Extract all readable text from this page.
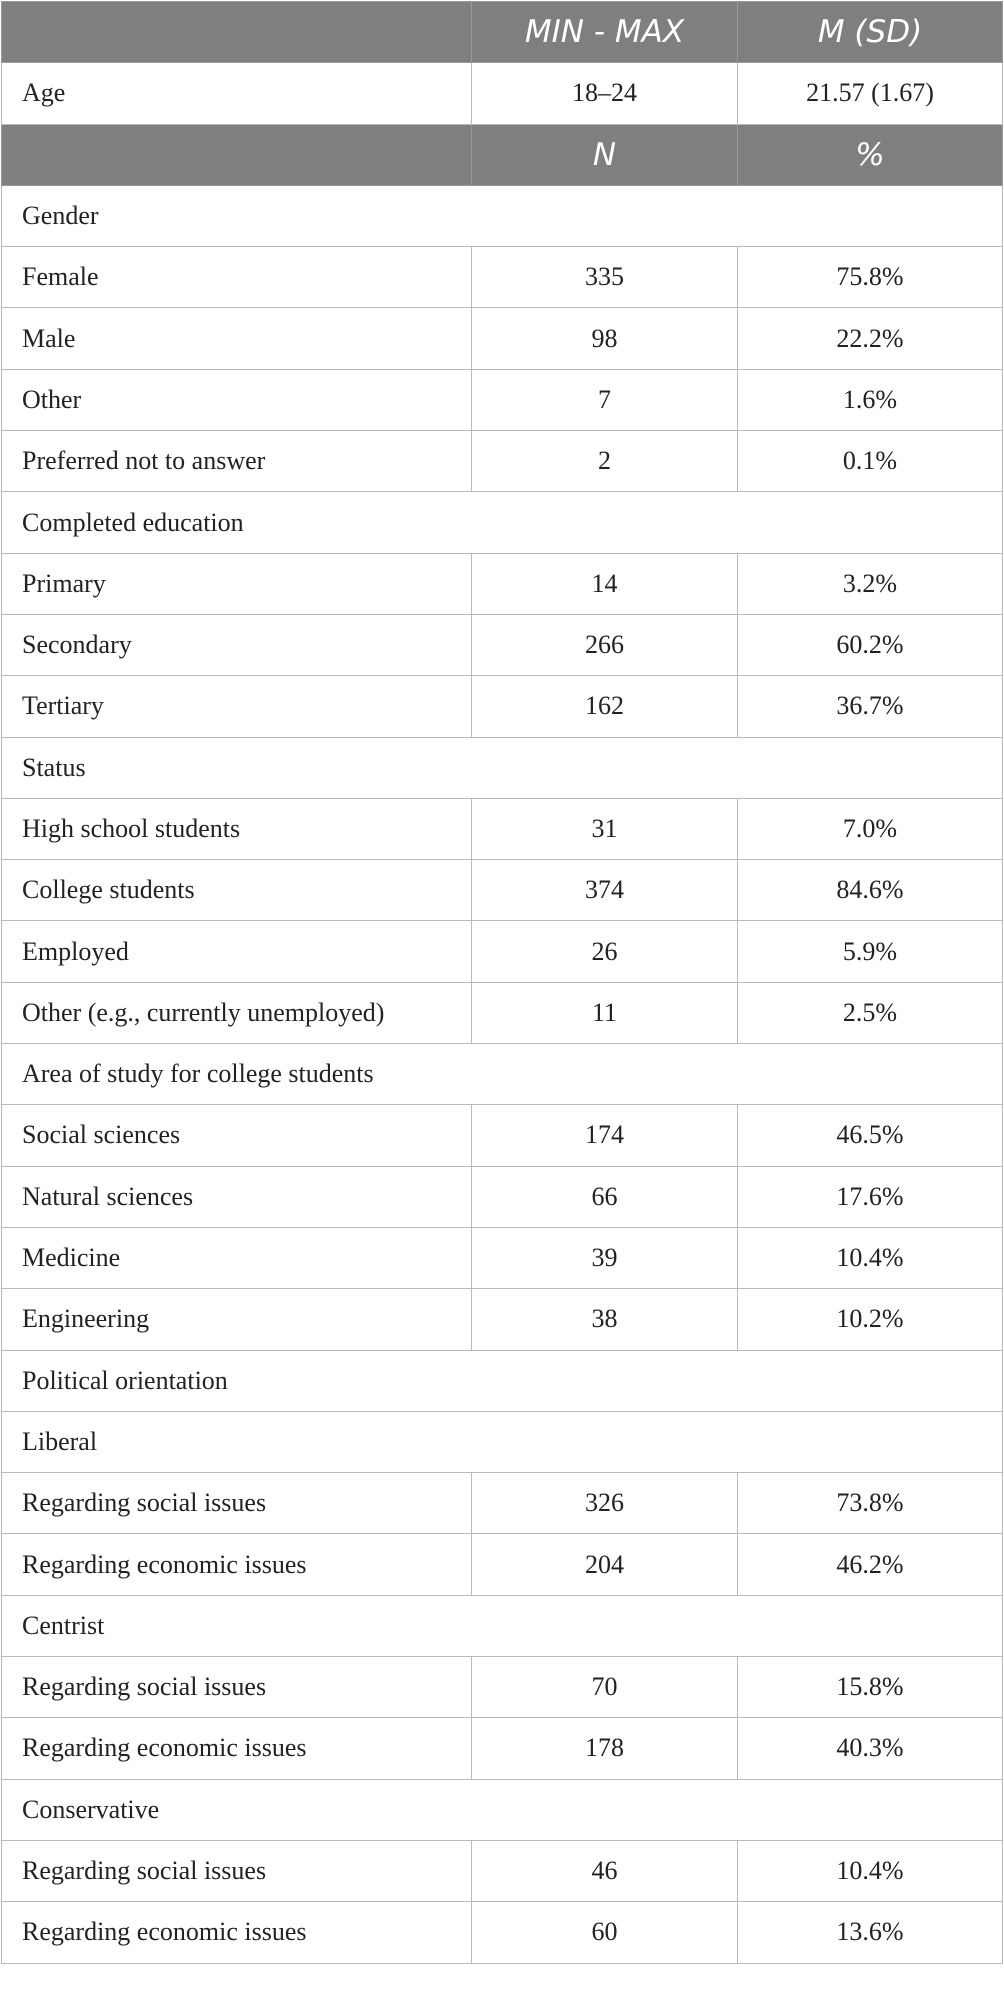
	MIN - MAX	M (SD)
Age	18–24	21.57 (1.67)
	N	%
Gender		
Female	335	75.8%
Male	98	22.2%
Other	7	1.6%
Preferred not to answer	2	0.1%
Completed education		
Primary	14	3.2%
Secondary	266	60.2%
Tertiary	162	36.7%
Status		
High school students	31	7.0%
College students	374	84.6%
Employed	26	5.9%
Other (e.g., currently unemployed)	11	2.5%
Area of study for college students		
Social sciences	174	46.5%
Natural sciences	66	17.6%
Medicine	39	10.4%
Engineering	38	10.2%
Political orientation		
Liberal		
Regarding social issues	326	73.8%
Regarding economic issues	204	46.2%
Centrist		
Regarding social issues	70	15.8%
Regarding economic issues	178	40.3%
Conservative		
Regarding social issues	46	10.4%
Regarding economic issues	60	13.6%
